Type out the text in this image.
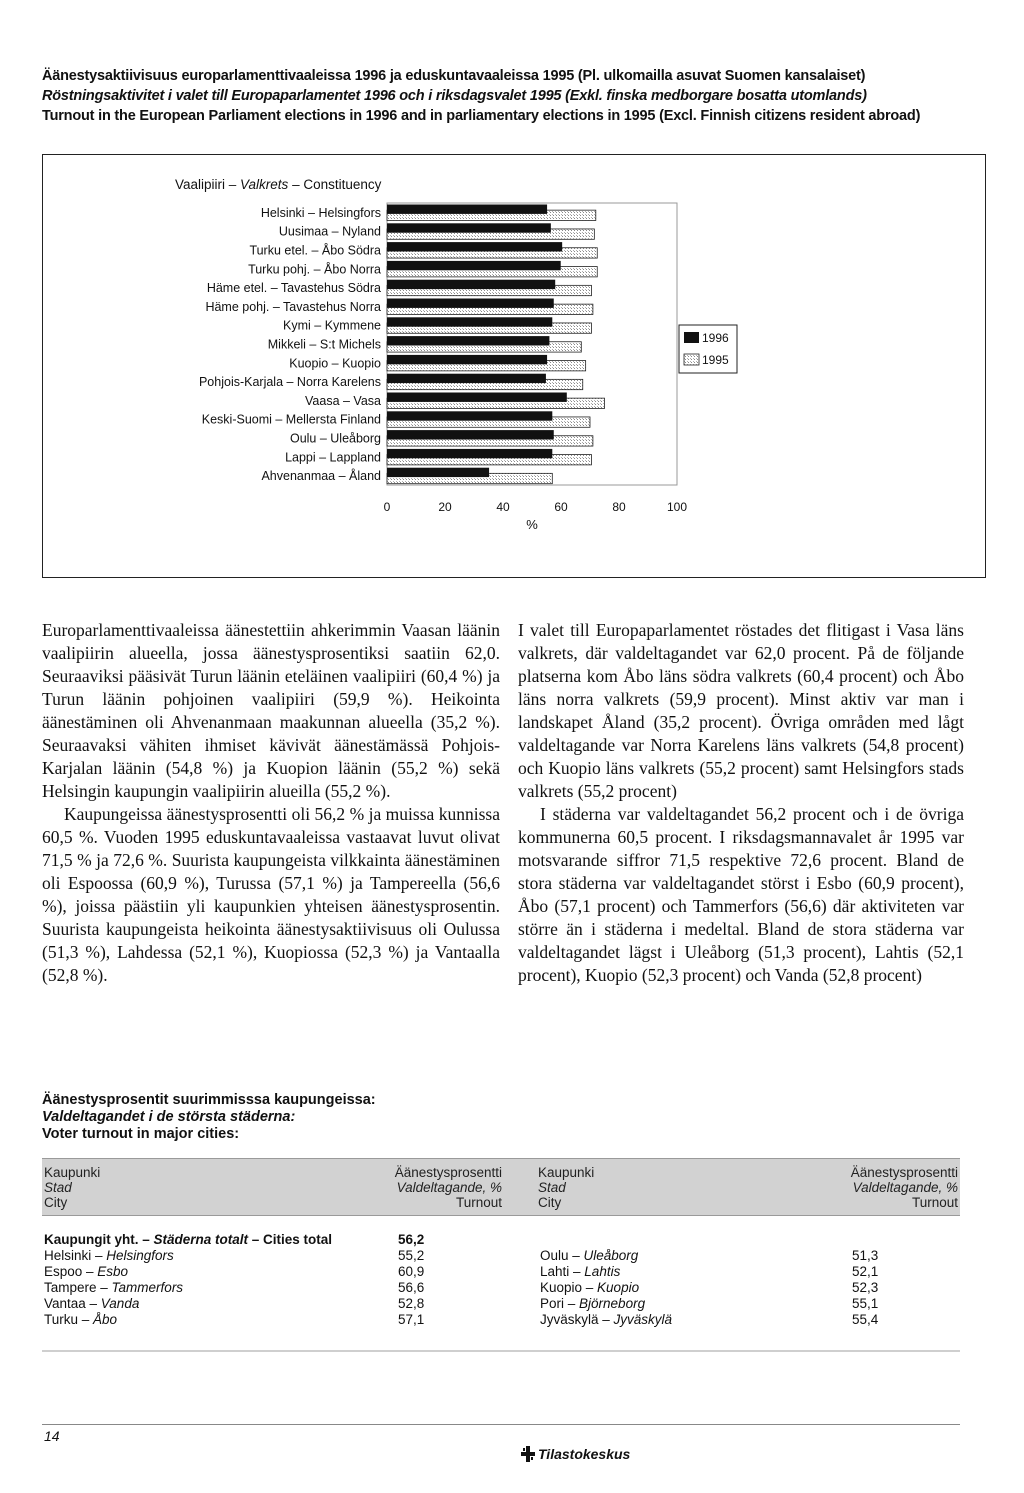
Äänestysaktiivisuus europarlamenttivaaleissa 1996 ja eduskuntavaaleissa 1995 (Pl. ulkomailla asuvat Suomen kansalaiset)
Röstningsaktivitet i valet till Europaparlamentet 1996 och i riksdagsvalet 1995 (Exkl. finska medborgare bosatta utomlands)
Turnout in the European Parliament elections in 1996 and in parliamentary elections in 1995 (Excl. Finnish citizens resident abroad)
Vaalipiiri – Valkrets – Constituency
Helsinki – Helsingfors
Uusimaa – Nyland
Turku etel. – Åbo Södra
Turku pohj. – Åbo Norra
Häme etel. – Tavastehus Södra
Häme pohj. – Tavastehus Norra
Kymi – Kymmene
Mikkeli – S:t Michels
Kuopio – Kuopio
Pohjois-Karjala – Norra Karelens
Vaasa – Vasa
Keski-Suomi – Mellersta Finland
Oulu – Uleåborg
Lappi – Lappland
Ahvenanmaa – Åland
0	20	40	60	80	100
%
1996
1995

Europarlamenttivaaleissa äänestettiin ahkerimmin Vaasan läänin vaalipiirin alueella, jossa äänestysprosentiksi saatiin 62,0. Seuraaviksi pääsivät Turun läänin eteläinen vaalipiiri (60,4 %) ja Turun läänin pohjoinen vaalipiiri (59,9 %). Heikointa äänestäminen oli Ahvenanmaan maakunnan alueella (35,2 %). Seuraavaksi vähiten ihmiset kävivät äänestämässä Pohjois-Karjalan läänin (54,8 %) ja Kuopion läänin (55,2 %) sekä Helsingin kaupungin vaalipiirin alueilla (55,2 %).

Kaupungeissa äänestysprosentti oli 56,2 % ja muissa kunnissa 60,5 %. Vuoden 1995 eduskuntavaaleissa vastaavat luvut olivat 71,5 % ja 72,6 %. Suurista kaupungeista vilkkainta äänestäminen oli Espoossa (60,9 %), Turussa (57,1 %) ja Tampereella (56,6 %), joissa päästiin yli kaupunkien yhteisen äänestysprosentin. Suurista kaupungeista heikointa äänestysaktiivisuus oli Oulussa (51,3 %), Lahdessa (52,1 %), Kuopiossa (52,3 %) ja Vantaalla (52,8 %).

I valet till Europaparlamentet röstades det flitigast i Vasa läns valkrets, där valdeltagandet var 62,0 procent. På de följande platserna kom Åbo läns södra valkrets (60,4 procent) och Åbo läns norra valkrets (59,9 procent). Minst aktiv var man i landskapet Åland (35,2 procent). Övriga områden med lågt valdeltagande var Norra Karelens läns valkrets (54,8 procent) och Kuopio läns valkrets (55,2 procent) samt Helsingfors stads valkrets (55,2 procent)

I städerna var valdeltagandet 56,2 procent och i de övriga kommunerna 60,5 procent. I riksdagsmannavalet år 1995 var motsvarande siffror 71,5 respektive 72,6 procent. Bland de stora städerna var valdeltagandet störst i Esbo (60,9 procent), Åbo (57,1 procent) och Tammerfors (56,6) där aktiviteten var större än i städerna i medeltal. Bland de stora städerna var valdeltagandet lägst i Uleåborg (51,3 procent), Lahtis (52,1 procent), Kuopio (52,3 procent) och Vanda (52,8 procent)

Äänestysprosentit suurimmisssa kaupungeissa:
Valdeltagandet i de största städerna:
Voter turnout in major cities:
Kaupunki
Stad
City
Äänestysprosentti
Valdeltagande, %
Turnout
Kaupunki
Stad
City
Äänestysprosentti
Valdeltagande, %
Turnout
Kaupungit yht. – Städerna totalt – Cities total	56,2
Helsinki – Helsingfors	55,2
Espoo – Esbo	60,9
Tampere – Tammerfors	56,6
Vantaa – Vanda	52,8
Turku – Åbo	57,1
Oulu – Uleåborg	51,3
Lahti – Lahtis	52,1
Kuopio – Kuopio	52,3
Pori – Björneborg	55,1
Jyväskylä – Jyväskylä	55,4
14
Tilastokeskus
